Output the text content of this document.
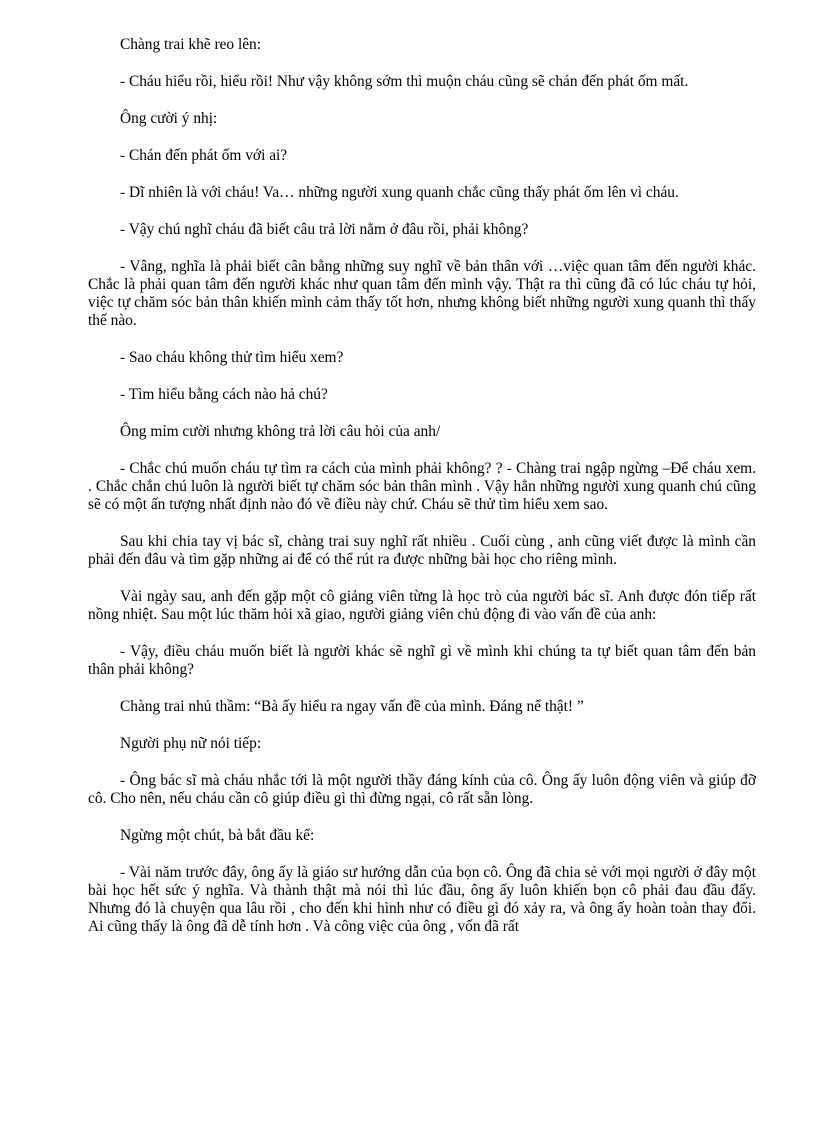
Chàng trai khẽ reo lên:

- Cháu hiểu rồi, hiểu rồi! Như vậy không sớm thì muộn cháu cũng sẽ chán đến phát ốm mất.

Ông cười ý nhị:

- Chán đến phát ốm với ai?

- Dĩ nhiên là với cháu! Va… những người xung quanh chắc cũng thấy phát ốm lên vì cháu.

- Vậy chú nghĩ cháu đã biết câu trả lời nằm ở đâu rồi, phải không?

- Vâng, nghĩa là phải biết cân bằng những suy nghĩ về bản thân với …việc quan tâm đến người khác. Chắc là phải quan tâm đến người khác như quan tâm đến mình vậy. Thật ra thì cũng đã có lúc cháu tự hỏi, việc tự chăm sóc bản thân khiến mình cảm thấy tốt hơn, nhưng không biết những người xung quanh thì thấy thế nào.

- Sao cháu không thử tìm hiểu xem?

- Tìm hiểu bằng cách nào hả chú?

Ông mỉm cười nhưng không trả lời câu hỏi của anh/

- Chắc chú muốn cháu tự tìm ra cách của mình phải không? ? - Chàng trai ngập ngừng –Để cháu xem. . Chắc chắn chú luôn là người biết tự chăm sóc bản thân mình . Vậy hẳn những người xung quanh chú cũng sẽ có một ấn tượng nhất định nào đó về điều này chứ. Cháu sẽ thử tìm hiểu xem sao.

Sau khi chia tay vị bác sĩ, chàng trai suy nghĩ rất nhiều . Cuối cùng , anh cũng viết được là mình cần phải đến đâu và tìm gặp những ai để có thể rút ra được những bài học cho riêng mình.

Vài ngày sau, anh đến gặp một cô giảng viên từng là học trò của người bác sĩ. Anh được đón tiếp rất nồng nhiệt. Sau một lúc thăm hỏi xã giao, người giảng viên chủ động đi vào vấn đề của anh:

- Vậy, điều cháu muốn biết là người khác sẽ nghĩ gì về mình khi chúng ta tự biết quan tâm đến bản thân phải không?

Chàng trai nhủ thầm: “Bà ấy hiểu ra ngay vấn đề của mình. Đáng nể thật! ”

Người phụ nữ nói tiếp:

- Ông bác sĩ mà cháu nhắc tới là một người thầy đáng kính của cô. Ông ấy luôn động viên và giúp đỡ cô. Cho nên, nếu cháu cần cô giúp điều gì thì đừng ngại, cô rất sẵn lòng.

Ngừng một chút, bà bắt đầu kể:

- Vài năm trước đây, ông ấy là giáo sư hướng dẫn của bọn cô. Ông đã chia sẻ với mọi người ở đây một bài học hết sức ý nghĩa. Và thành thật mà nói thì lúc đầu, ông ấy luôn khiến bọn cô phải đau đầu đấy. Nhưng đó là chuyện qua lâu rồi , cho đến khi hình như có điều gì đó xảy ra, và ông ấy hoàn toàn thay đổi. Ai cũng thấy là ông đã dễ tính hơn . Và công việc của ông , vốn đã rất
